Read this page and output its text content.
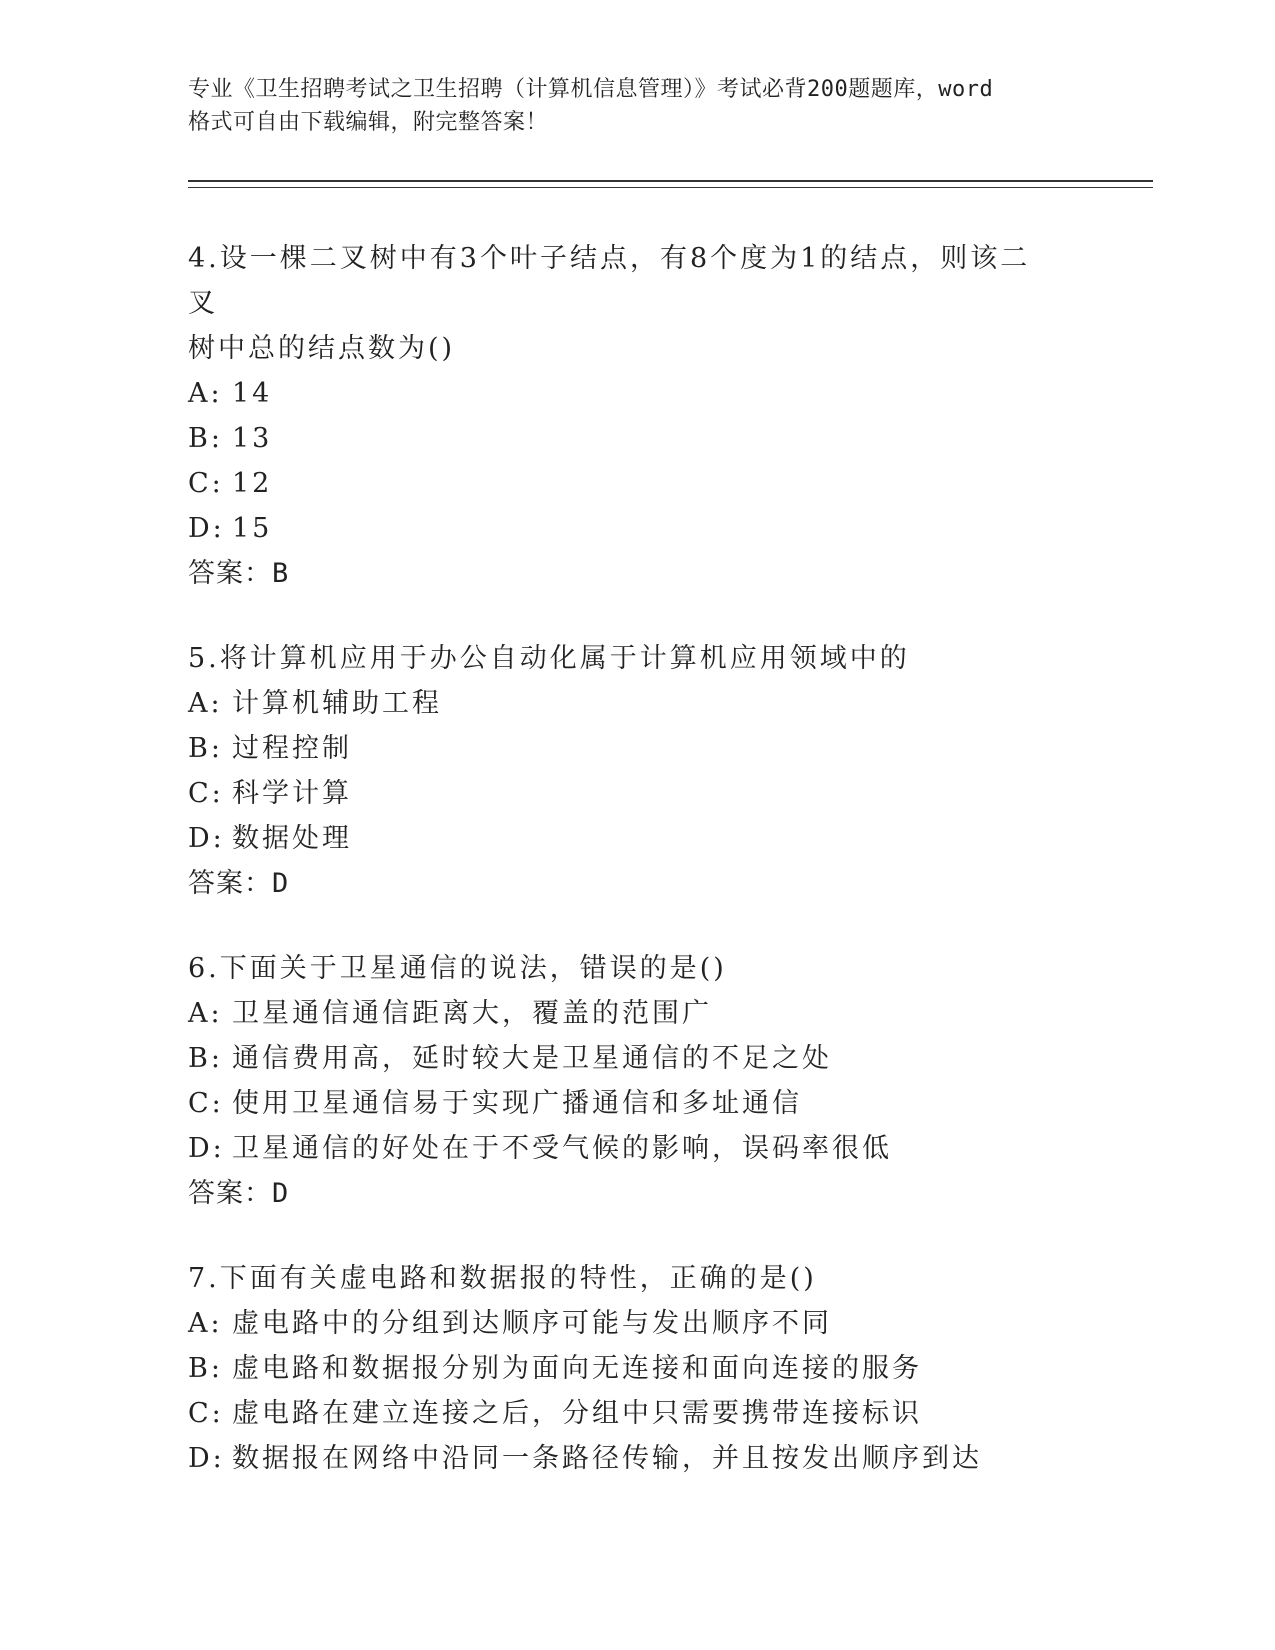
专业《卫生招聘考试之卫生招聘（计算机信息管理）》考试必背200题题库，word
格式可自由下载编辑，附完整答案！

4.设一棵二叉树中有3个叶子结点，有8个度为1的结点，则该二叉
树中总的结点数为()

A: 14

B: 13

C: 12

D: 15

答案：B

5.将计算机应用于办公自动化属于计算机应用领域中的

A: 计算机辅助工程

B: 过程控制

C: 科学计算

D: 数据处理

答案：D

6.下面关于卫星通信的说法，错误的是()

A: 卫星通信通信距离大，覆盖的范围广

B: 通信费用高，延时较大是卫星通信的不足之处

C: 使用卫星通信易于实现广播通信和多址通信

D: 卫星通信的好处在于不受气候的影响，误码率很低

答案：D

7.下面有关虚电路和数据报的特性，正确的是()

A: 虚电路中的分组到达顺序可能与发出顺序不同

B: 虚电路和数据报分别为面向无连接和面向连接的服务

C: 虚电路在建立连接之后，分组中只需要携带连接标识

D: 数据报在网络中沿同一条路径传输，并且按发出顺序到达
